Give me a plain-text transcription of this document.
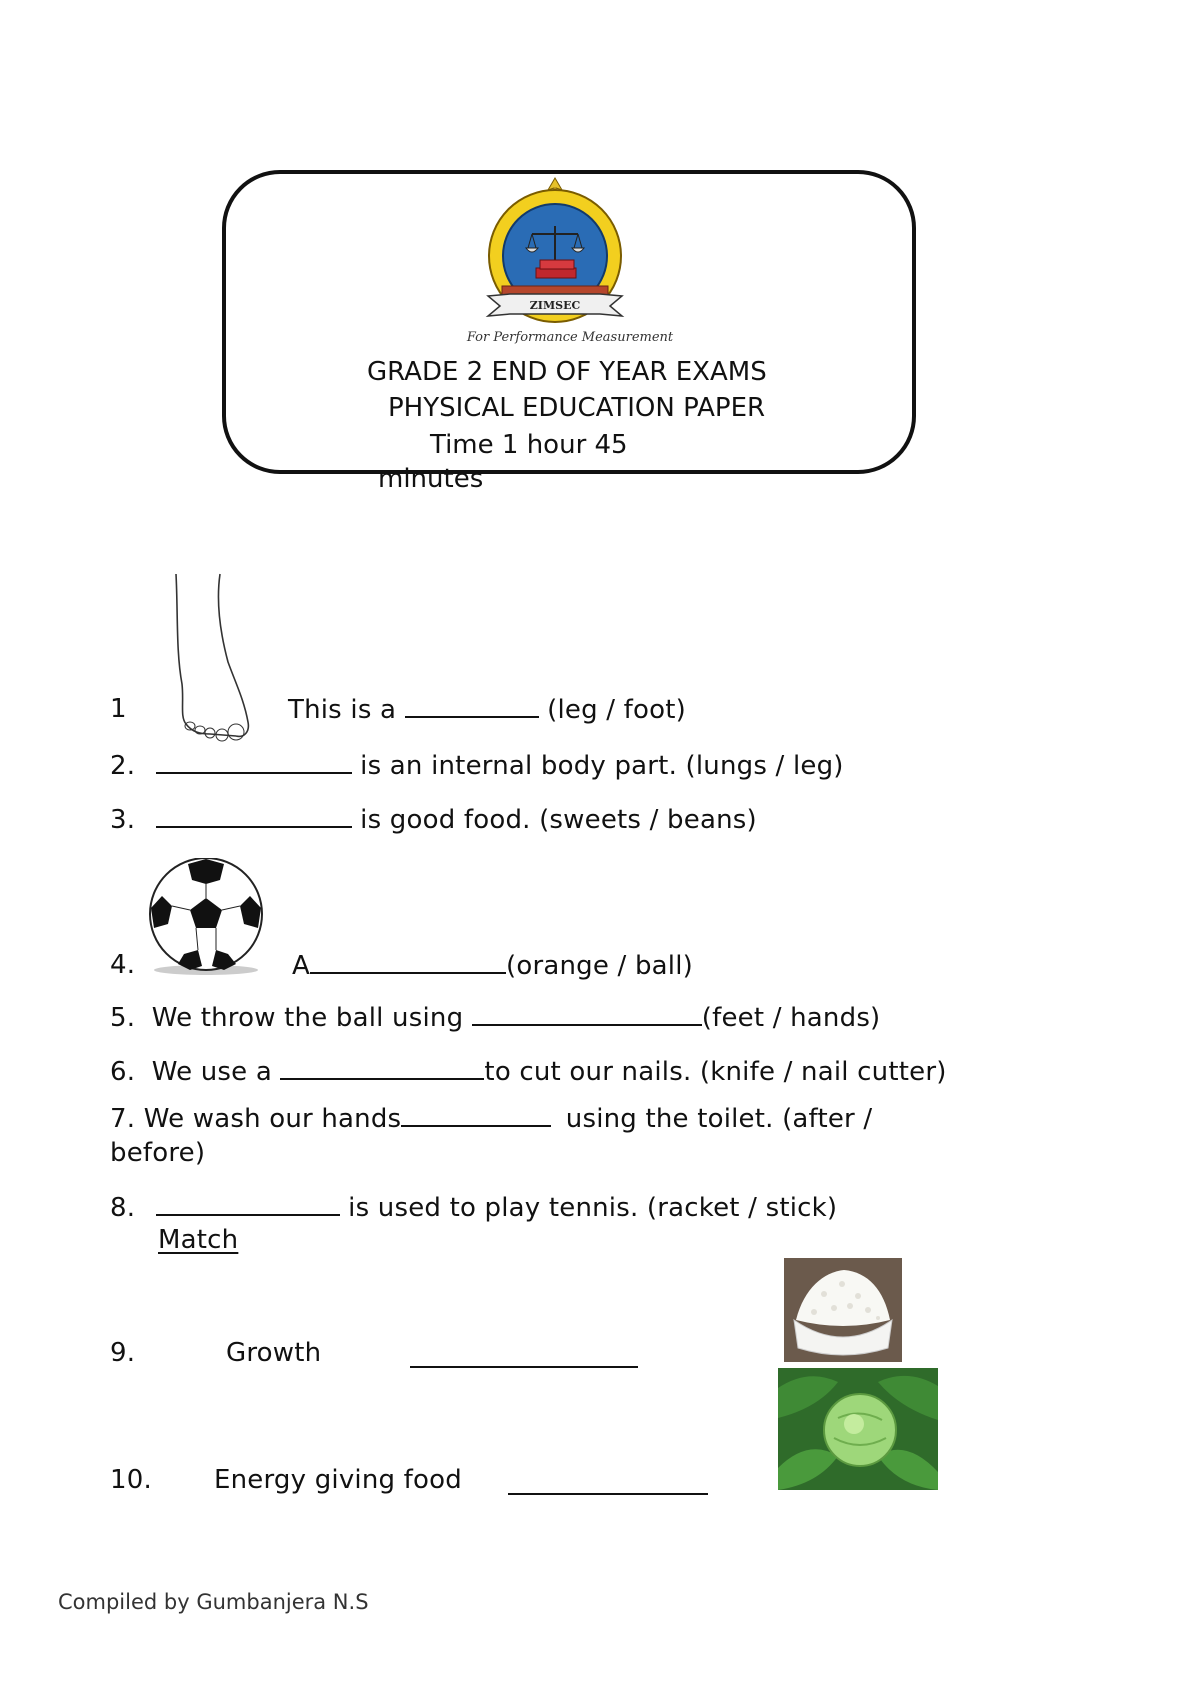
ZIMSEC
For Performance Measurement
GRADE 2 END OF YEAR EXAMS
PHYSICAL EDUCATION PAPER
Time 1 hour 45
minutes
1	This is a	(leg / foot)
2.	is an internal body part. (lungs / leg)
3.	is good food. (sweets / beans)
4.	A	(orange / ball)
5. We throw the ball using	(feet / hands)
6. We use a	to cut our nails. (knife / nail cutter)
7. We wash our hands	using the toilet. (after /
before)
8.	is used to play tennis. (racket / stick)
Match
9.	Growth
10. Energy giving food
Compiled by Gumbanjera N.S
